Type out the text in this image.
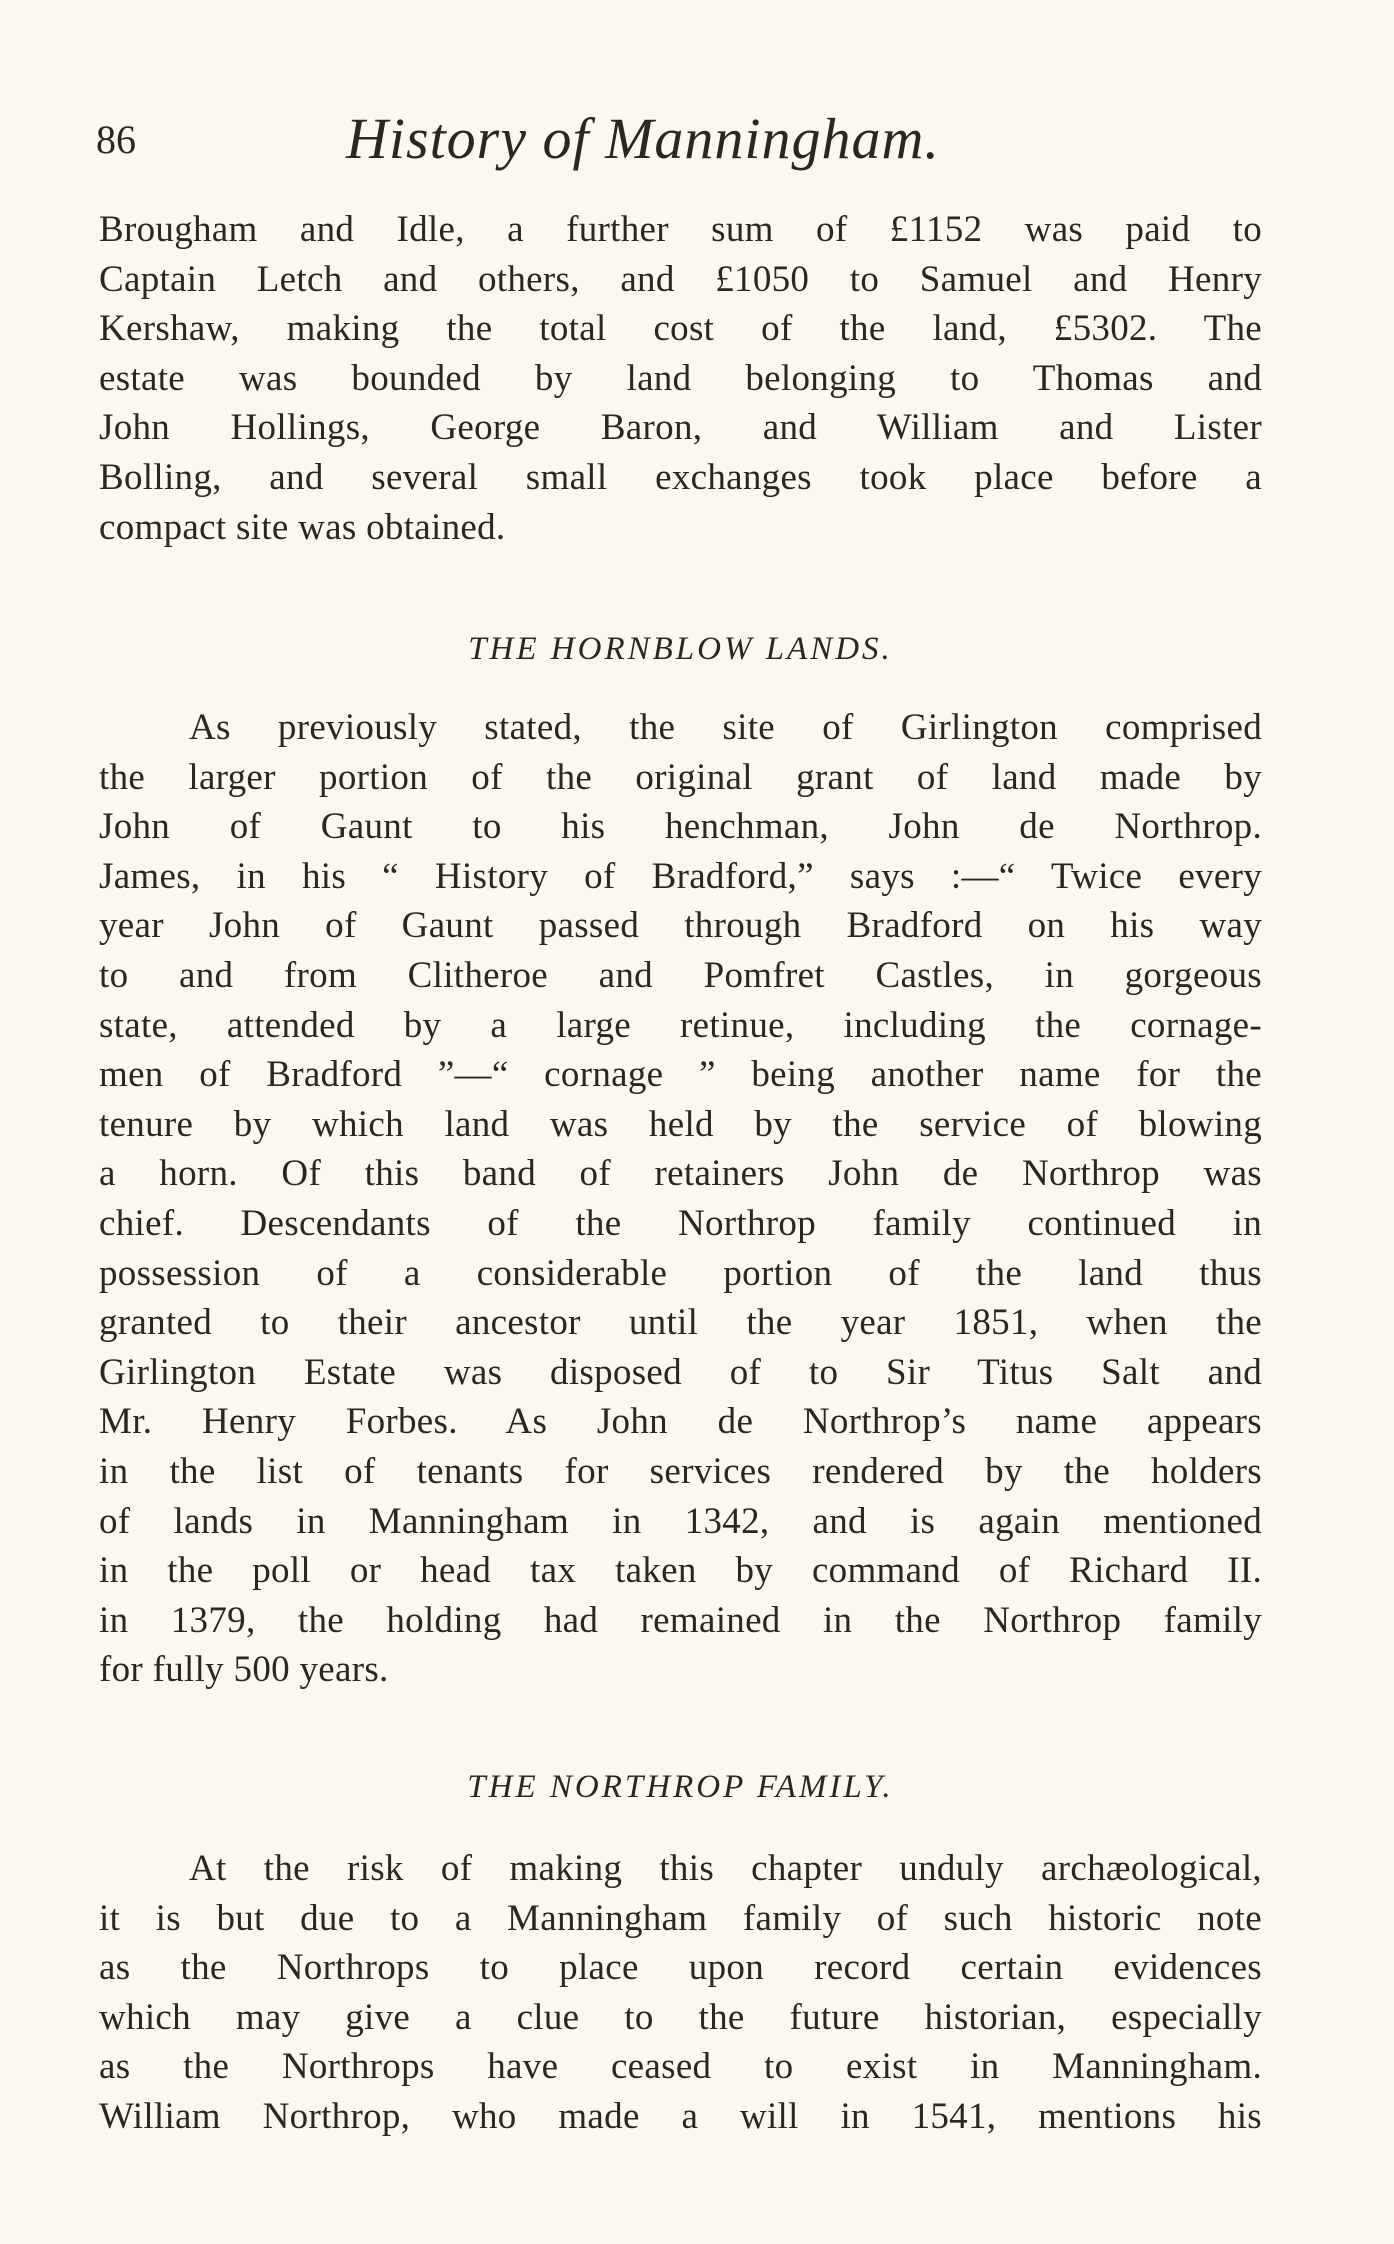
86	History of Manningham.
Brougham and Idle, a further sum of £1152 was paid to
Captain Letch and others, and £1050 to Samuel and Henry
Kershaw, making the total cost of the land, £5302. The
estate was bounded by land belonging to Thomas and
John Hollings, George Baron, and William and Lister
Bolling, and several small exchanges took place before a
compact site was obtained.
THE HORNBLOW LANDS.
As previously stated, the site of Girlington comprised
the larger portion of the original grant of land made by
John of Gaunt to his henchman, John de Northrop.
James, in his “ History of Bradford,” says :—“ Twice every
year John of Gaunt passed through Bradford on his way
to and from Clitheroe and Pomfret Castles, in gorgeous
state, attended by a large retinue, including the cornage-
men of Bradford ”—“ cornage ” being another name for the
tenure by which land was held by the service of blowing
a horn. Of this band of retainers John de Northrop was
chief. Descendants of the Northrop family continued in
possession of a considerable portion of the land thus
granted to their ancestor until the year 1851, when the
Girlington Estate was disposed of to Sir Titus Salt and
Mr. Henry Forbes. As John de Northrop’s name appears
in the list of tenants for services rendered by the holders
of lands in Manningham in 1342, and is again mentioned
in the poll or head tax taken by command of Richard II.
in 1379, the holding had remained in the Northrop family
for fully 500 years.
THE NORTHROP FAMILY.
At the risk of making this chapter unduly archæological,
it is but due to a Manningham family of such historic note
as the Northrops to place upon record certain evidences
which may give a clue to the future historian, especially
as the Northrops have ceased to exist in Manningham.
William Northrop, who made a will in 1541, mentions his
